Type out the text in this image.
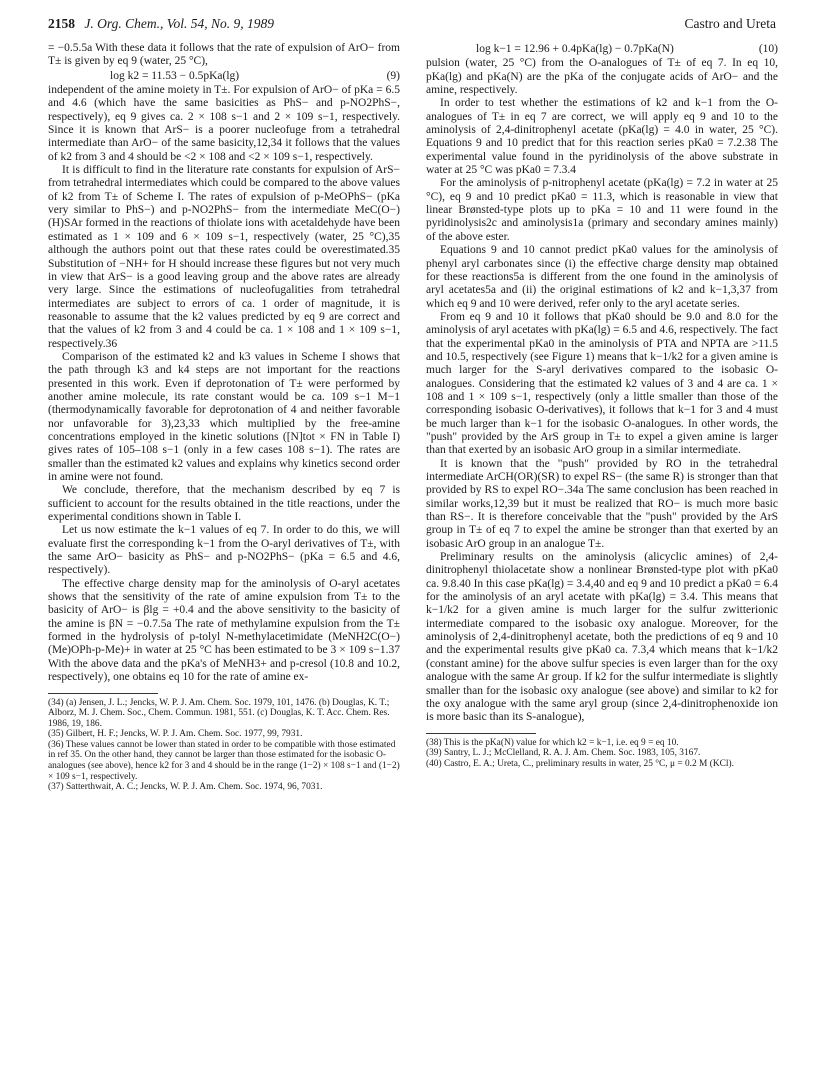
2158 J. Org. Chem., Vol. 54, No. 9, 1989	Castro and Ureta

= −0.5.5a With these data it follows that the rate of expulsion of ArO− from T± is given by eq 9 (water, 25 °C),

log k2 = 11.53 − 0.5pKa(lg)	(9)

independent of the amine moiety in T±. For expulsion of ArO− of pKa = 6.5 and 4.6 (which have the same basicities as PhS− and p-NO2PhS−, respectively), eq 9 gives ca. 2 × 108 s−1 and 2 × 109 s−1, respectively. Since it is known that ArS− is a poorer nucleofuge from a tetrahedral intermediate than ArO− of the same basicity,12,34 it follows that the values of k2 from 3 and 4 should be <2 × 108 and <2 × 109 s−1, respectively.

It is difficult to find in the literature rate constants for expulsion of ArS− from tetrahedral intermediates which could be compared to the above values of k2 from T± of Scheme I. The rates of expulsion of p-MeOPhS− (pKa very similar to PhS−) and p-NO2PhS− from the intermediate MeC(O−)(H)SAr formed in the reactions of thiolate ions with acetaldehyde have been estimated as 1 × 109 and 6 × 109 s−1, respectively (water, 25 °C),35 although the authors point out that these rates could be overestimated.35 Substitution of −NH+ for H should increase these figures but not very much in view that ArS− is a good leaving group and the above rates are already very large. Since the estimations of nucleofugalities from tetrahedral intermediates are subject to errors of ca. 1 order of magnitude, it is reasonable to assume that the k2 values predicted by eq 9 are correct and that the values of k2 from 3 and 4 could be ca. 1 × 108 and 1 × 109 s−1, respectively.36

Comparison of the estimated k2 and k3 values in Scheme I shows that the path through k3 and k4 steps are not important for the reactions presented in this work. Even if deprotonation of T± were performed by another amine molecule, its rate constant would be ca. 109 s−1 M−1 (thermodynamically favorable for deprotonation of 4 and neither favorable nor unfavorable for 3),23,33 which multiplied by the free-amine concentrations employed in the kinetic solutions ([N]tot × FN in Table I) gives rates of 105–108 s−1 (only in a few cases 108 s−1). The rates are smaller than the estimated k2 values and explains why kinetics second order in amine were not found.

We conclude, therefore, that the mechanism described by eq 7 is sufficient to account for the results obtained in the title reactions, under the experimental conditions shown in Table I.

Let us now estimate the k−1 values of eq 7. In order to do this, we will evaluate first the corresponding k−1 from the O-aryl derivatives of T±, with the same ArO− basicity as PhS− and p-NO2PhS− (pKa = 6.5 and 4.6, respectively).

The effective charge density map for the aminolysis of O-aryl acetates shows that the sensitivity of the rate of amine expulsion from T± to the basicity of ArO− is βlg = +0.4 and the above sensitivity to the basicity of the amine is βN = −0.7.5a The rate of methylamine expulsion from the T± formed in the hydrolysis of p-tolyl N-methylacetimidate (MeNH2C(O−)(Me)OPh-p-Me)+ in water at 25 °C has been estimated to be 3 × 109 s−1.37 With the above data and the pKa's of MeNH3+ and p-cresol (10.8 and 10.2, respectively), one obtains eq 10 for the rate of amine ex-

(34) (a) Jensen, J. L.; Jencks, W. P. J. Am. Chem. Soc. 1979, 101, 1476. (b) Douglas, K. T.; Alborz, M. J. Chem. Soc., Chem. Commun. 1981, 551. (c) Douglas, K. T. Acc. Chem. Res. 1986, 19, 186.

(35) Gilbert, H. F.; Jencks, W. P. J. Am. Chem. Soc. 1977, 99, 7931.

(36) These values cannot be lower than stated in order to be compatible with those estimated in ref 35. On the other hand, they cannot be larger than those estimated for the isobasic O-analogues (see above), hence k2 for 3 and 4 should be in the range (1−2) × 108 s−1 and (1−2) × 109 s−1, respectively.

(37) Satterthwait, A. C.; Jencks, W. P. J. Am. Chem. Soc. 1974, 96, 7031.

log k−1 = 12.96 + 0.4pKa(lg) − 0.7pKa(N)	(10)

pulsion (water, 25 °C) from the O-analogues of T± of eq 7. In eq 10, pKa(lg) and pKa(N) are the pKa of the conjugate acids of ArO− and the amine, respectively.

In order to test whether the estimations of k2 and k−1 from the O-analogues of T± in eq 7 are correct, we will apply eq 9 and 10 to the aminolysis of 2,4-dinitrophenyl acetate (pKa(lg) = 4.0 in water, 25 °C). Equations 9 and 10 predict that for this reaction series pKa0 = 7.2.38 The experimental value found in the pyridinolysis of the above substrate in water at 25 °C was pKa0 = 7.3.4

For the aminolysis of p-nitrophenyl acetate (pKa(lg) = 7.2 in water at 25 °C), eq 9 and 10 predict pKa0 = 11.3, which is reasonable in view that linear Brønsted-type plots up to pKa = 10 and 11 were found in the pyridinolysis2c and aminolysis1a (primary and secondary amines mainly) of the above ester.

Equations 9 and 10 cannot predict pKa0 values for the aminolysis of phenyl aryl carbonates since (i) the effective charge density map obtained for these reactions5a is different from the one found in the aminolysis of aryl acetates5a and (ii) the original estimations of k2 and k−1,3,37 from which eq 9 and 10 were derived, refer only to the aryl acetate series.

From eq 9 and 10 it follows that pKa0 should be 9.0 and 8.0 for the aminolysis of aryl acetates with pKa(lg) = 6.5 and 4.6, respectively. The fact that the experimental pKa0 in the aminolysis of PTA and NPTA are >11.5 and 10.5, respectively (see Figure 1) means that k−1/k2 for a given amine is much larger for the S-aryl derivatives compared to the isobasic O-analogues. Considering that the estimated k2 values of 3 and 4 are ca. 1 × 108 and 1 × 109 s−1, respectively (only a little smaller than those of the corresponding isobasic O-derivatives), it follows that k−1 for 3 and 4 must be much larger than k−1 for the isobasic O-analogues. In other words, the "push" provided by the ArS group in T± to expel a given amine is larger than that exerted by an isobasic ArO group in a similar intermediate.

It is known that the "push" provided by RO in the tetrahedral intermediate ArCH(OR)(SR) to expel RS− (the same R) is stronger than that provided by RS to expel RO−.34a The same conclusion has been reached in similar works,12,39 but it must be realized that RO− is much more basic than RS−. It is therefore conceivable that the "push" provided by the ArS group in T± of eq 7 to expel the amine be stronger than that exerted by an isobasic ArO group in an analogue T±.

Preliminary results on the aminolysis (alicyclic amines) of 2,4-dinitrophenyl thiolacetate show a nonlinear Brønsted-type plot with pKa0 ca. 9.8.40 In this case pKa(lg) = 3.4,40 and eq 9 and 10 predict a pKa0 = 6.4 for the aminolysis of an aryl acetate with pKa(lg) = 3.4. This means that k−1/k2 for a given amine is much larger for the sulfur zwitterionic intermediate compared to the isobasic oxy analogue. Moreover, for the aminolysis of 2,4-dinitrophenyl acetate, both the predictions of eq 9 and 10 and the experimental results give pKa0 ca. 7.3,4 which means that k−1/k2 (constant amine) for the above sulfur species is even larger than for the oxy analogue with the same Ar group. If k2 for the sulfur intermediate is slightly smaller than for the isobasic oxy analogue (see above) and similar to k2 for the oxy analogue with the same aryl group (since 2,4-dinitrophenoxide ion is more basic than its S-analogue),

(38) This is the pKa(N) value for which k2 = k−1, i.e. eq 9 = eq 10.

(39) Santry, L. J.; McClelland, R. A. J. Am. Chem. Soc. 1983, 105, 3167.

(40) Castro, E. A.; Ureta, C., preliminary results in water, 25 °C, μ = 0.2 M (KCl).
